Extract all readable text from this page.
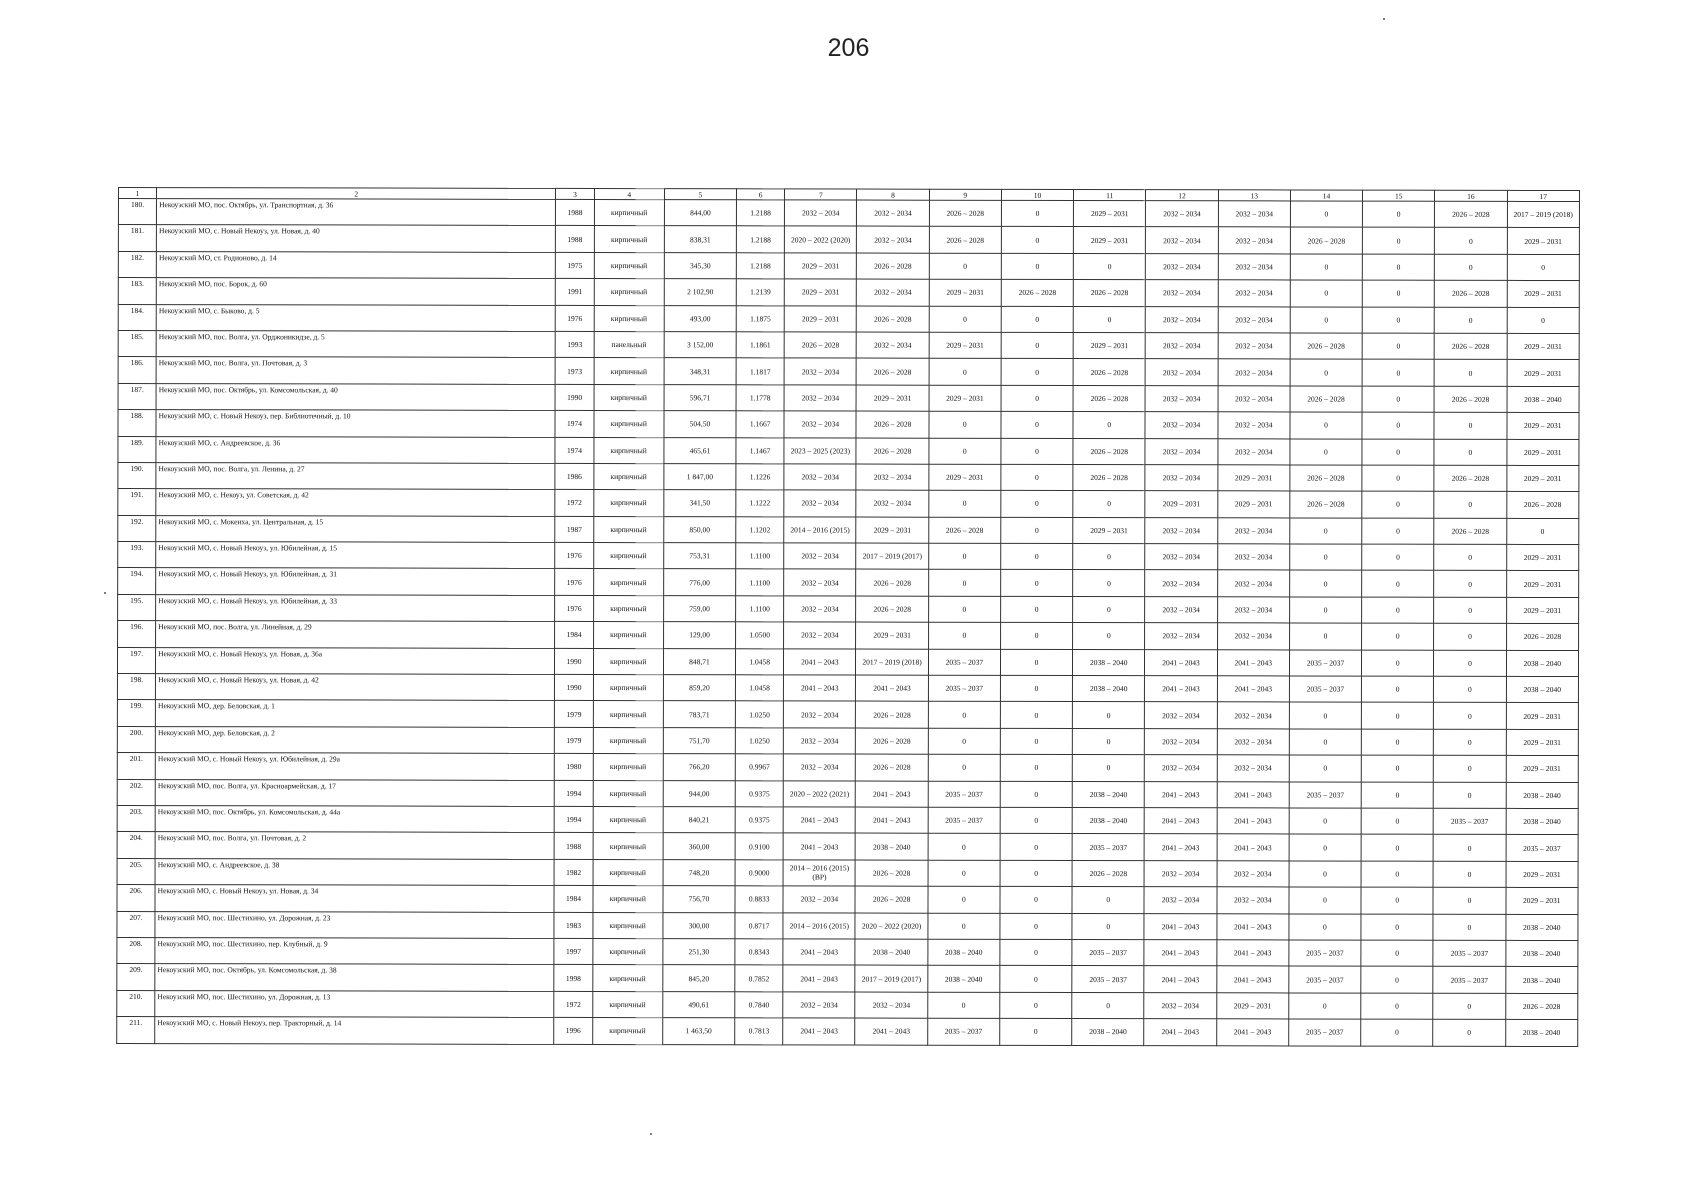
206
1	2	3	4	5	6	7	8	9	10	11	12	13	14	15	16	17
180.	Некоузский МО, пос. Октябрь, ул. Транспортная, д. 36	1988	кирпичный	844,00	1.2188	2032 – 2034	2032 – 2034	2026 – 2028	0	2029 – 2031	2032 – 2034	2032 – 2034	0	0	2026 – 2028	2017 – 2019 (2018)
181.	Некоузский МО, с. Новый Некоуз, ул. Новая, д. 40	1988	кирпичный	838,31	1.2188	2020 – 2022 (2020)	2032 – 2034	2026 – 2028	0	2029 – 2031	2032 – 2034	2032 – 2034	2026 – 2028	0	0	2029 – 2031
182.	Некоузский МО, ст. Родионово, д. 14	1975	кирпичный	345,30	1.2188	2029 – 2031	2026 – 2028	0	0	0	2032 – 2034	2032 – 2034	0	0	0	0
183.	Некоузский МО, пос. Борок, д. 60	1991	кирпичный	2 102,90	1.2139	2029 – 2031	2032 – 2034	2029 – 2031	2026 – 2028	2026 – 2028	2032 – 2034	2032 – 2034	0	0	2026 – 2028	2029 – 2031
184.	Некоузский МО, с. Быково, д. 5	1976	кирпичный	493,00	1.1875	2029 – 2031	2026 – 2028	0	0	0	2032 – 2034	2032 – 2034	0	0	0	0
185.	Некоузский МО, пос. Волга, ул. Орджоникидзе, д. 5	1993	панельный	3 152,00	1.1861	2026 – 2028	2032 – 2034	2029 – 2031	0	2029 – 2031	2032 – 2034	2032 – 2034	2026 – 2028	0	2026 – 2028	2029 – 2031
186.	Некоузский МО, пос. Волга, ул. Почтовая, д. 3	1973	кирпичный	348,31	1.1817	2032 – 2034	2026 – 2028	0	0	2026 – 2028	2032 – 2034	2032 – 2034	0	0	0	2029 – 2031
187.	Некоузский МО, пос. Октябрь, ул. Комсомольская, д. 40	1990	кирпичный	596,71	1.1778	2032 – 2034	2029 – 2031	2029 – 2031	0	2026 – 2028	2032 – 2034	2032 – 2034	2026 – 2028	0	2026 – 2028	2038 – 2040
188.	Некоузский МО, с. Новый Некоуз, пер. Библиотечный, д. 10	1974	кирпичный	504,50	1.1667	2032 – 2034	2026 – 2028	0	0	0	2032 – 2034	2032 – 2034	0	0	0	2029 – 2031
189.	Некоузский МО, с. Андреевское, д. 36	1974	кирпичный	465,61	1.1467	2023 – 2025 (2023)	2026 – 2028	0	0	2026 – 2028	2032 – 2034	2032 – 2034	0	0	0	2029 – 2031
190.	Некоузский МО, пос. Волга, ул. Ленина, д. 27	1986	кирпичный	1 847,00	1.1226	2032 – 2034	2032 – 2034	2029 – 2031	0	2026 – 2028	2032 – 2034	2029 – 2031	2026 – 2028	0	2026 – 2028	2029 – 2031
191.	Некоузский МО, с. Некоуз, ул. Советская, д. 42	1972	кирпичный	341,50	1.1222	2032 – 2034	2032 – 2034	0	0	0	2029 – 2031	2029 – 2031	2026 – 2028	0	0	2026 – 2028
192.	Некоузский МО, с. Мокеиха, ул. Центральная, д. 15	1987	кирпичный	850,00	1.1202	2014 – 2016 (2015)	2029 – 2031	2026 – 2028	0	2029 – 2031	2032 – 2034	2032 – 2034	0	0	2026 – 2028	0
193.	Некоузский МО, с. Новый Некоуз, ул. Юбилейная, д. 15	1976	кирпичный	753,31	1.1100	2032 – 2034	2017 – 2019 (2017)	0	0	0	2032 – 2034	2032 – 2034	0	0	0	2029 – 2031
194.	Некоузский МО, с. Новый Некоуз, ул. Юбилейная, д. 31	1976	кирпичный	776,00	1.1100	2032 – 2034	2026 – 2028	0	0	0	2032 – 2034	2032 – 2034	0	0	0	2029 – 2031
195.	Некоузский МО, с. Новый Некоуз, ул. Юбилейная, д. 33	1976	кирпичный	759,00	1.1100	2032 – 2034	2026 – 2028	0	0	0	2032 – 2034	2032 – 2034	0	0	0	2029 – 2031
196.	Некоузский МО, пос. Волга, ул. Линейная, д. 29	1984	кирпичный	129,00	1.0500	2032 – 2034	2029 – 2031	0	0	0	2032 – 2034	2032 – 2034	0	0	0	2026 – 2028
197.	Некоузский МО, с. Новый Некоуз, ул. Новая, д. 36а	1990	кирпичный	848,71	1.0458	2041 – 2043	2017 – 2019 (2018)	2035 – 2037	0	2038 – 2040	2041 – 2043	2041 – 2043	2035 – 2037	0	0	2038 – 2040
198.	Некоузский МО, с. Новый Некоуз, ул. Новая, д. 42	1990	кирпичный	859,20	1.0458	2041 – 2043	2041 – 2043	2035 – 2037	0	2038 – 2040	2041 – 2043	2041 – 2043	2035 – 2037	0	0	2038 – 2040
199.	Некоузский МО, дер. Беловская, д. 1	1979	кирпичный	783,71	1.0250	2032 – 2034	2026 – 2028	0	0	0	2032 – 2034	2032 – 2034	0	0	0	2029 – 2031
200.	Некоузский МО, дер. Беловская, д. 2	1979	кирпичный	751,70	1.0250	2032 – 2034	2026 – 2028	0	0	0	2032 – 2034	2032 – 2034	0	0	0	2029 – 2031
201.	Некоузский МО, с. Новый Некоуз, ул. Юбилейная, д. 29а	1980	кирпичный	766,20	0.9967	2032 – 2034	2026 – 2028	0	0	0	2032 – 2034	2032 – 2034	0	0	0	2029 – 2031
202.	Некоузский МО, пос. Волга, ул. Красноармейская, д. 17	1994	кирпичный	944,00	0.9375	2020 – 2022 (2021)	2041 – 2043	2035 – 2037	0	2038 – 2040	2041 – 2043	2041 – 2043	2035 – 2037	0	0	2038 – 2040
203.	Некоузский МО, пос. Октябрь, ул. Комсомольская, д. 44а	1994	кирпичный	840,21	0.9375	2041 – 2043	2041 – 2043	2035 – 2037	0	2038 – 2040	2041 – 2043	2041 – 2043	0	0	2035 – 2037	2038 – 2040
204.	Некоузский МО, пос. Волга, ул. Почтовая, д. 2	1988	кирпичный	360,00	0.9100	2041 – 2043	2038 – 2040	0	0	2035 – 2037	2041 – 2043	2041 – 2043	0	0	0	2035 – 2037
205.	Некоузский МО, с. Андреевское, д. 38	1982	кирпичный	748,20	0.9000	2014 – 2016 (2015) (ВР)	2026 – 2028	0	0	2026 – 2028	2032 – 2034	2032 – 2034	0	0	0	2029 – 2031
206.	Некоузский МО, с. Новый Некоуз, ул. Новая, д. 34	1984	кирпичный	756,70	0.8833	2032 – 2034	2026 – 2028	0	0	0	2032 – 2034	2032 – 2034	0	0	0	2029 – 2031
207.	Некоузский МО, пос. Шестихино, ул. Дорожная, д. 23	1983	кирпичный	300,00	0.8717	2014 – 2016 (2015)	2020 – 2022 (2020)	0	0	0	2041 – 2043	2041 – 2043	0	0	0	2038 – 2040
208.	Некоузский МО, пос. Шестихино, пер. Клубный, д. 9	1997	кирпичный	251,30	0.8343	2041 – 2043	2038 – 2040	2038 – 2040	0	2035 – 2037	2041 – 2043	2041 – 2043	2035 – 2037	0	2035 – 2037	2038 – 2040
209.	Некоузский МО, пос. Октябрь, ул. Комсомольская, д. 38	1998	кирпичный	845,20	0.7852	2041 – 2043	2017 – 2019 (2017)	2038 – 2040	0	2035 – 2037	2041 – 2043	2041 – 2043	2035 – 2037	0	2035 – 2037	2038 – 2040
210.	Некоузский МО, пос. Шестихино, ул. Дорожная, д. 13	1972	кирпичный	490,61	0.7840	2032 – 2034	2032 – 2034	0	0	0	2032 – 2034	2029 – 2031	0	0	0	2026 – 2028
211.	Некоузский МО, с. Новый Некоуз, пер. Тракторный, д. 14	1996	кирпичный	1 463,50	0.7813	2041 – 2043	2041 – 2043	2035 – 2037	0	2038 – 2040	2041 – 2043	2041 – 2043	2035 – 2037	0	0	2038 – 2040
